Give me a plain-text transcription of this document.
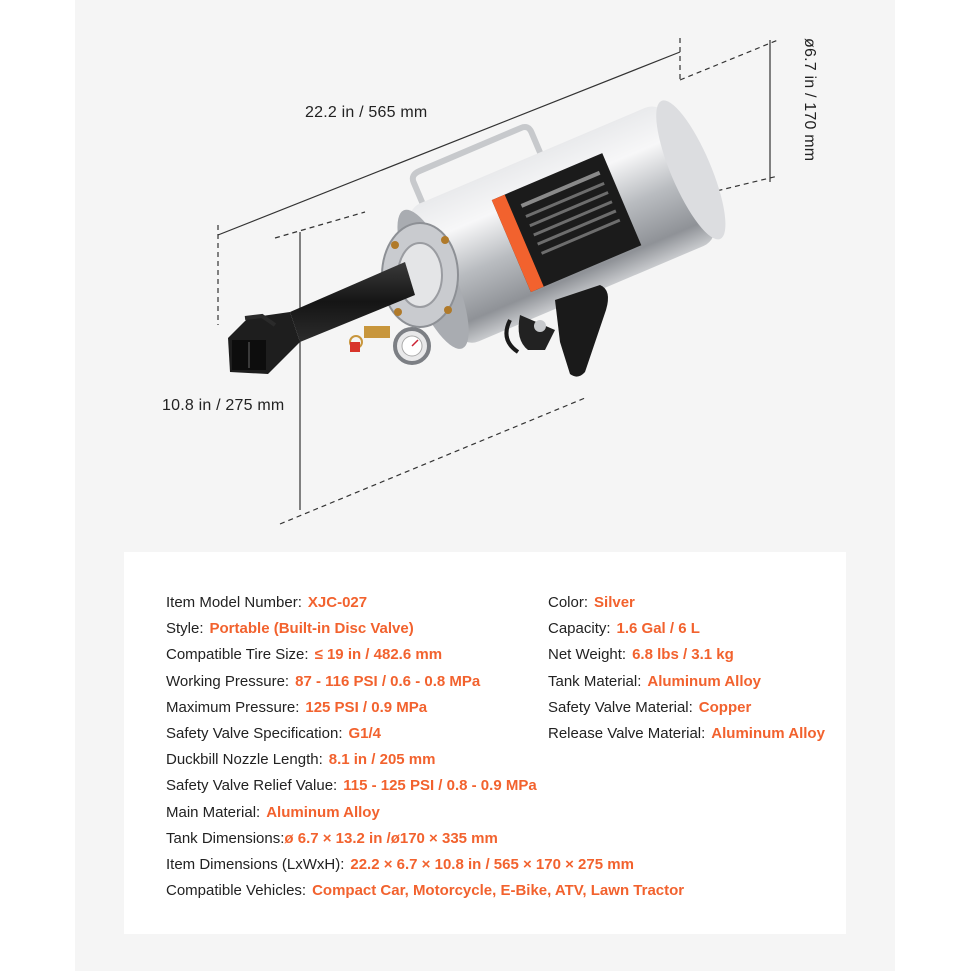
22.2 in / 565 mm
10.8 in / 275 mm
ø6.7 in / 170 mm
Item Model Number: XJC-027
Style: Portable (Built-in Disc Valve)
Compatible Tire Size: ≤ 19 in / 482.6 mm
Working Pressure: 87 - 116 PSI / 0.6 - 0.8 MPa
Maximum Pressure: 125 PSI / 0.9 MPa
Safety Valve Specification: G1/4
Duckbill Nozzle Length: 8.1 in / 205 mm
Safety Valve Relief Value: 115 - 125 PSI / 0.8 - 0.9 MPa
Main Material: Aluminum Alloy
Tank Dimensions:ø 6.7 × 13.2 in /ø170 × 335 mm
Item Dimensions (LxWxH): 22.2 × 6.7 × 10.8 in / 565 × 170 × 275 mm
Compatible Vehicles: Compact Car, Motorcycle, E-Bike, ATV, Lawn Tractor
Color: Silver
Capacity: 1.6 Gal / 6 L
Net Weight: 6.8 lbs / 3.1 kg
Tank Material: Aluminum Alloy
Safety Valve Material: Copper
Release Valve Material: Aluminum Alloy
